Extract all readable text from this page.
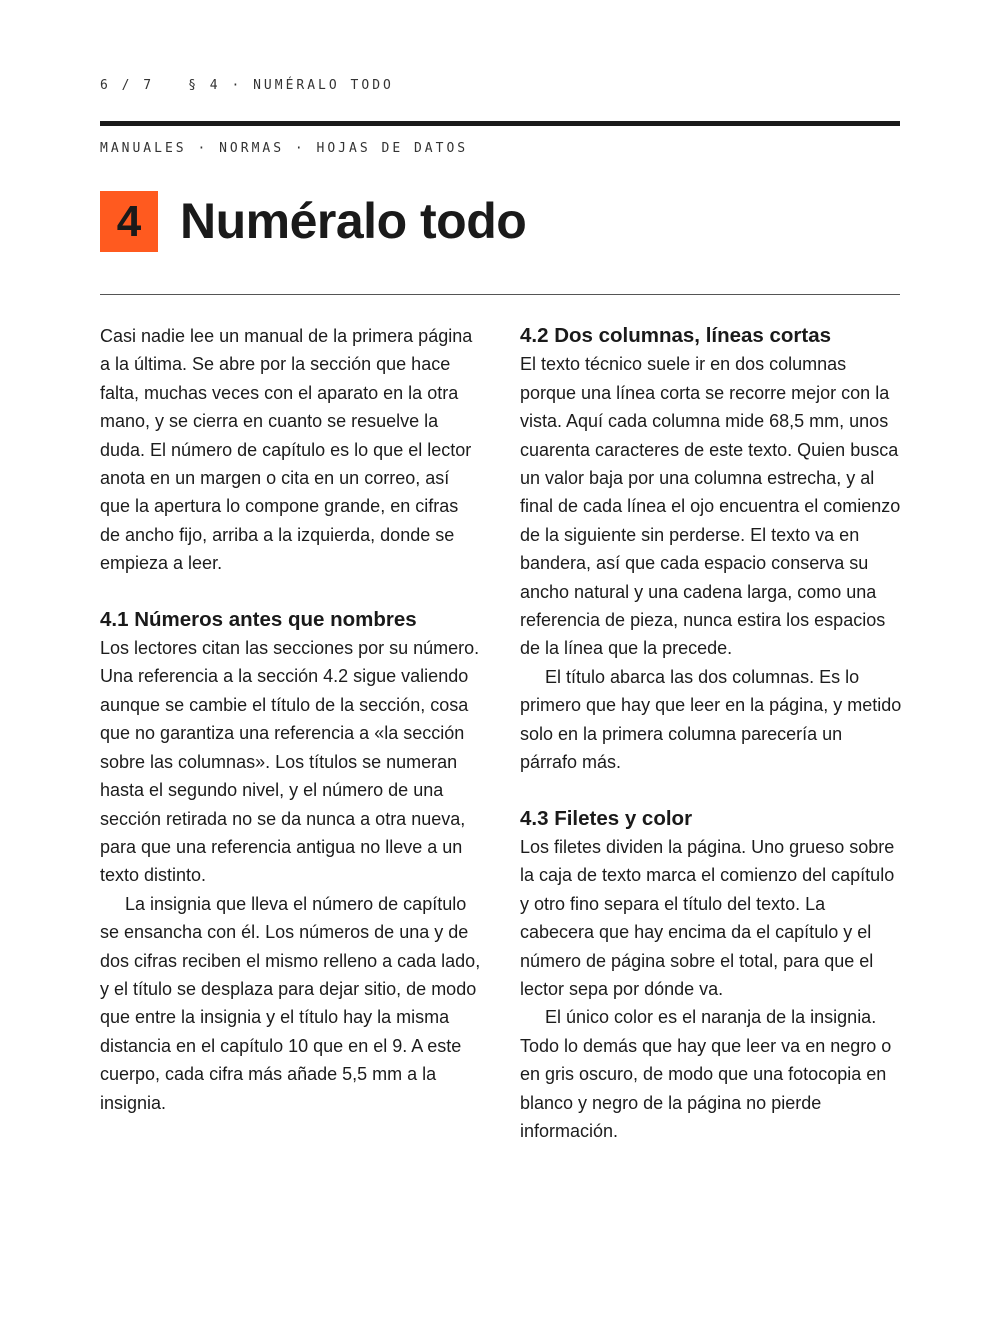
6 / 7	§ 4 · NUMÉRALO TODO
MANUALES · NORMAS · HOJAS DE DATOS
4 Numéralo todo

Casi nadie lee un manual de la primera página a la última. Se abre por la sección que hace falta, muchas veces con el aparato en la otra mano, y se cierra en cuanto se resuelve la duda. El número de capítulo es lo que el lector anota en un margen o cita en un correo, así que la apertura lo compone grande, en cifras de ancho fijo, arriba a la izquierda, donde se empieza a leer.

4.1 Números antes que nombres

Los lectores citan las secciones por su número. Una referencia a la sección 4.2 sigue valiendo aunque se cambie el título de la sección, cosa que no garantiza una referencia a «la sección sobre las columnas». Los títulos se numeran hasta el segundo nivel, y el número de una sección retirada no se da nunca a otra nueva, para que una referencia antigua no lleve a un texto distinto.

La insignia que lleva el número de capítulo se ensancha con él. Los números de una y de dos cifras reciben el mismo relleno a cada lado, y el título se desplaza para dejar sitio, de modo que entre la insignia y el título hay la misma distancia en el capítulo 10 que en el 9. A este cuerpo, cada cifra más añade 5,5 mm a la insignia.

4.2 Dos columnas, líneas cortas

El texto técnico suele ir en dos columnas porque una línea corta se recorre mejor con la vista. Aquí cada columna mide 68,5 mm, unos cuarenta caracteres de este texto. Quien busca un valor baja por una columna estrecha, y al final de cada línea el ojo encuentra el comienzo de la siguiente sin perderse. El texto va en bandera, así que cada espacio conserva su ancho natural y una cadena larga, como una referencia de pieza, nunca estira los espacios de la línea que la precede.

El título abarca las dos columnas. Es lo primero que hay que leer en la página, y metido solo en la primera columna parecería un párrafo más.

4.3 Filetes y color

Los filetes dividen la página. Uno grueso sobre la caja de texto marca el comienzo del capítulo y otro fino separa el título del texto. La cabecera que hay encima da el capítulo y el número de página sobre el total, para que el lector sepa por dónde va.

El único color es el naranja de la insignia. Todo lo demás que hay que leer va en negro o en gris oscuro, de modo que una fotocopia en blanco y negro de la página no pierde información.
